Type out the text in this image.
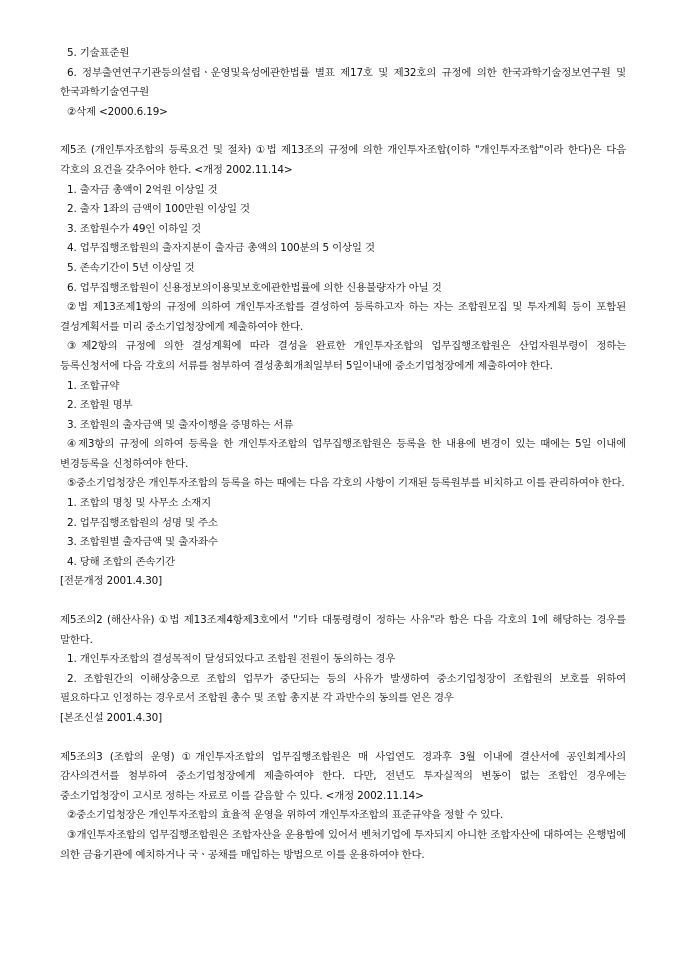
5. 기술표준원

6. 정부출연연구기관등의설립ㆍ운영및육성에관한법률 별표 제17호 및 제32호의 규정에 의한 한국과학기술정보연구원 및 한국과학기술연구원

②삭제 <2000.6.19>

제5조 (개인투자조합의 등록요건 및 절차) ①법 제13조의 규정에 의한 개인투자조합(이하 "개인투자조합"이라 한다)은 다음 각호의 요건을 갖추어야 한다. <개정 2002.11.14>

1. 출자금 총액이 2억원 이상일 것

2. 출자 1좌의 금액이 100만원 이상일 것

3. 조합원수가 49인 이하일 것

4. 업무집행조합원의 출자지분이 출자금 총액의 100분의 5 이상일 것

5. 존속기간이 5년 이상일 것

6. 업무집행조합원이 신용정보의이용및보호에관한법률에 의한 신용불량자가 아닐 것

②법 제13조제1항의 규정에 의하여 개인투자조합를 결성하여 등록하고자 하는 자는 조합원모집 및 투자계획 등이 포함된 결성계획서를 미리 중소기업청장에게 제출하여야 한다.

③제2항의 규정에 의한 결성계획에 따라 결성을 완료한 개인투자조합의 업무집행조합원은 산업자원부령이 정하는 등록신청서에 다음 각호의 서류를 첨부하여 결성총회개최일부터 5일이내에 중소기업청장에게 제출하여야 한다.

1. 조합규약

2. 조합원 명부

3. 조합원의 출자금액 및 출자이행을 증명하는 서류

④제3항의 규정에 의하여 등록을 한 개인투자조합의 업무집행조합원은 등록을 한 내용에 변경이 있는 때에는 5일 이내에 변경등록을 신청하여야 한다.

⑤중소기업청장은 개인투자조합의 등록을 하는 때에는 다음 각호의 사항이 기재된 등록원부를 비치하고 이를 관리하여야 한다.

1. 조합의 명칭 및 사무소 소재지

2. 업무집행조합원의 성명 및 주소

3. 조합원별 출자금액 및 출자좌수

4. 당해 조합의 존속기간

[전문개정 2001.4.30]

제5조의2 (해산사유) ①법 제13조제4항제3호에서 "기타 대통령령이 정하는 사유"라 함은 다음 각호의 1에 해당하는 경우를 말한다.

1. 개인투자조합의 결성목적이 달성되었다고 조합원 전원이 동의하는 경우

2. 조합원간의 이해상충으로 조합의 업무가 중단되는 등의 사유가 발생하여 중소기업청장이 조합원의 보호를 위하여 필요하다고 인정하는 경우로서 조합원 총수 및 조합 총지분 각 과반수의 동의를 얻은 경우

[본조신설 2001.4.30]

제5조의3 (조합의 운영) ①개인투자조합의 업무집행조합원은 매 사업연도 경과후 3월 이내에 결산서에 공인회계사의 감사의견서를 첨부하여 중소기업청장에게 제출하여야 한다. 다만, 전년도 투자실적의 변동이 없는 조합인 경우에는 중소기업청장이 고시로 정하는 자료로 이를 갈음할 수 있다. <개정 2002.11.14>

②중소기업청장은 개인투자조합의 효율적 운영을 위하여 개인투자조합의 표준규약을 정할 수 있다.

③개인투자조합의 업무집행조합원은 조합자산을 운용함에 있어서 벤처기업에 투자되지 아니한 조합자산에 대하여는 은행법에 의한 금융기관에 예치하거나 국ㆍ공채를 매입하는 방법으로 이를 운용하여야 한다.
